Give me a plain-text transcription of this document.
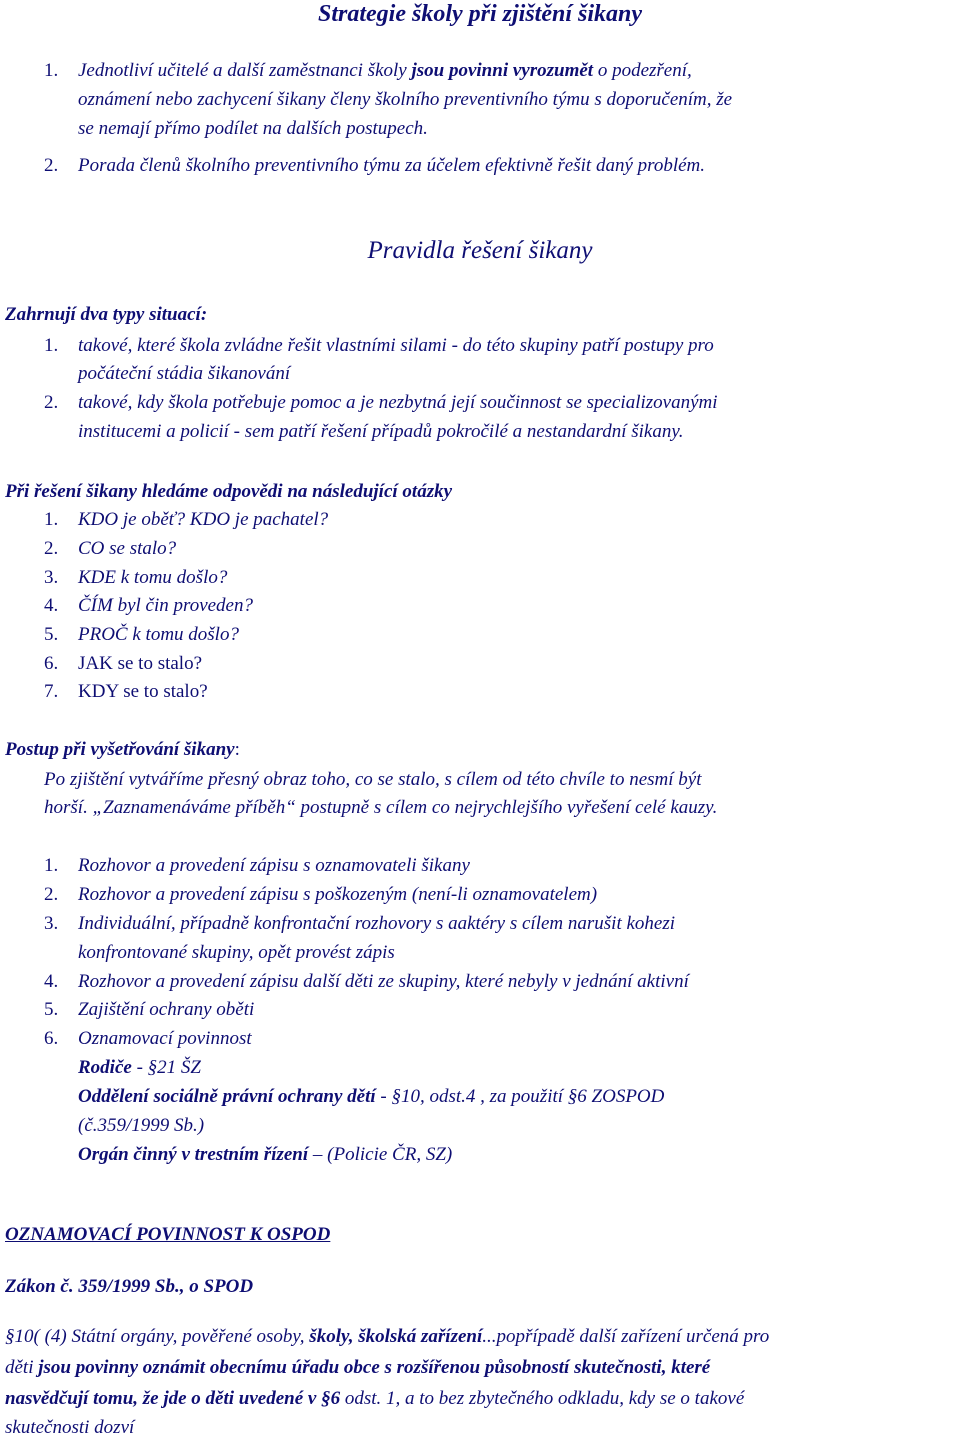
Strategie školy při zjištění šikany
1. Jednotliví učitelé a další zaměstnanci školy jsou povinni vyrozumět o podezření,
oznámení nebo zachycení šikany členy školního preventivního týmu s doporučením, že
se nemají přímo podílet na dalších postupech.
2. Porada členů školního preventivního týmu za účelem efektivně řešit daný problém.
Pravidla řešení šikany
Zahrnují dva typy situací:
1. takové, které škola zvládne řešit vlastními silami - do této skupiny patří postupy pro
počáteční stádia šikanování
2. takové, kdy škola potřebuje pomoc a je nezbytná její součinnost se specializovanými
institucemi a policií - sem patří řešení případů pokročilé a nestandardní šikany.
Při řešení šikany hledáme odpovědi na následující otázky
1. KDO je oběť? KDO je pachatel?
2. CO se stalo?
3. KDE k tomu došlo?
4. ČÍM byl čin proveden?
5. PROČ k tomu došlo?
6. JAK se to stalo?
7. KDY se to stalo?
Postup při vyšetřování šikany:
Po zjištění vytváříme přesný obraz toho, co se stalo, s cílem od této chvíle to nesmí být
horší. „Zaznamenáváme příběh“ postupně s cílem co nejrychlejšího vyřešení celé kauzy.
1. Rozhovor a provedení zápisu s oznamovateli šikany
2. Rozhovor a provedení zápisu s poškozeným (není-li oznamovatelem)
3. Individuální, případně konfrontační rozhovory s aaktéry s cílem narušit kohezi
konfrontované skupiny, opět provést zápis
4. Rozhovor a provedení zápisu další děti ze skupiny, které nebyly v jednání aktivní
5. Zajištění ochrany oběti
6. Oznamovací povinnost
Rodiče - §21 ŠZ
Oddělení sociálně právní ochrany dětí - §10, odst.4 , za použití §6 ZOSPOD
(č.359/1999 Sb.)
Orgán činný v trestním řízení – (Policie ČR, SZ)
OZNAMOVACÍ POVINNOST K OSPOD
Zákon č. 359/1999 Sb., o SPOD
§10( (4) Státní orgány, pověřené osoby, školy, školská zařízení...popřípadě další zařízení určená pro
děti jsou povinny oznámit obecnímu úřadu obce s rozšířenou působností skutečnosti, které
nasvědčují tomu, že jde o děti uvedené v §6 odst. 1, a to bez zbytečného odkladu, kdy se o takové
skutečnosti dozví
